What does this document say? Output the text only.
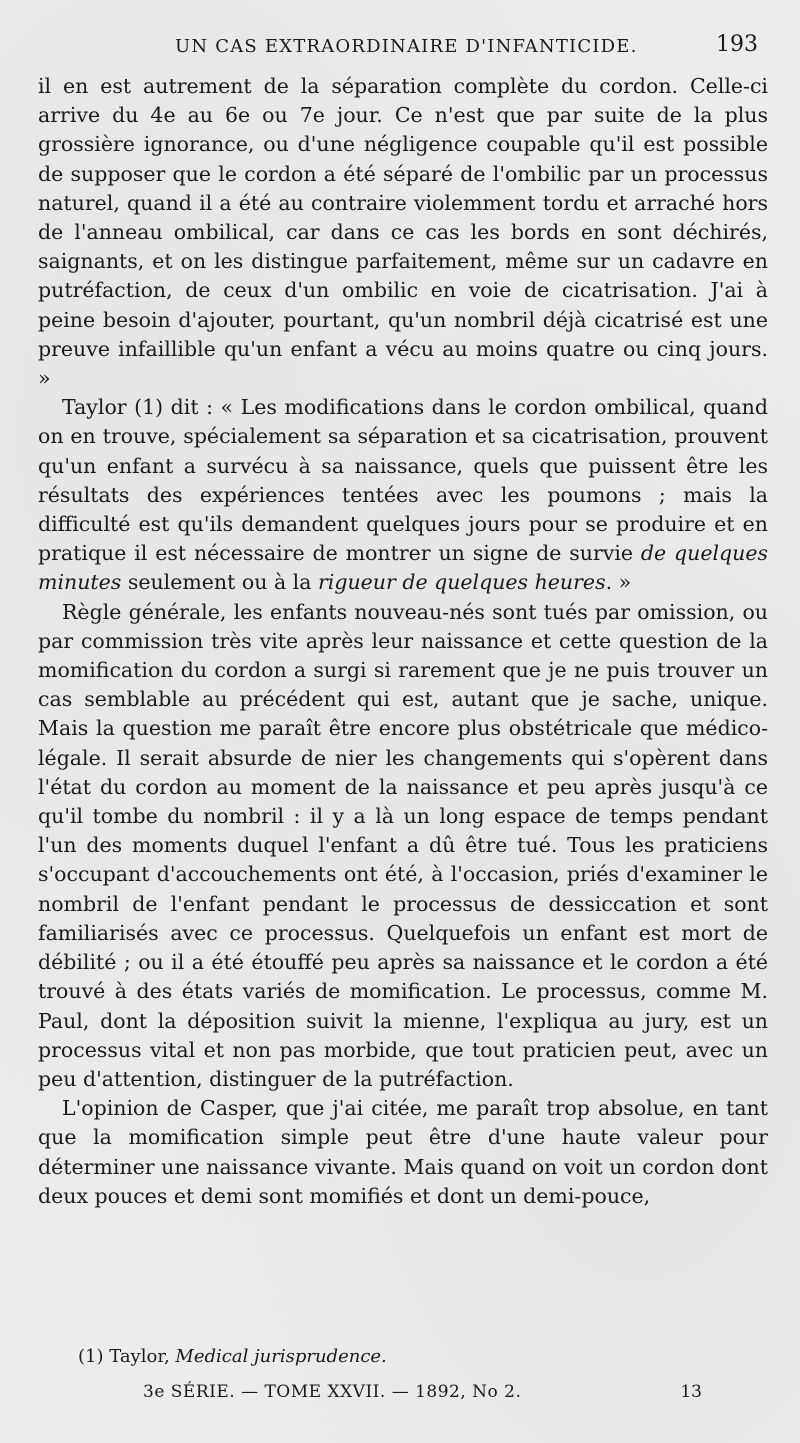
UN CAS EXTRAORDINAIRE D'INFANTICIDE.	193

il en est autrement de la séparation complète du cordon. Celle-ci arrive du 4e au 6e ou 7e jour. Ce n'est que par suite de la plus grossière ignorance, ou d'une négligence coupable qu'il est possible de supposer que le cordon a été séparé de l'ombilic par un processus naturel, quand il a été au contraire violemment tordu et arraché hors de l'anneau ombilical, car dans ce cas les bords en sont déchirés, saignants, et on les distingue parfaitement, même sur un cadavre en putréfaction, de ceux d'un ombilic en voie de cicatrisation. J'ai à peine besoin d'ajouter, pourtant, qu'un nombril déjà cicatrisé est une preuve infaillible qu'un enfant a vécu au moins quatre ou cinq jours. »

Taylor (1) dit : « Les modifications dans le cordon ombilical, quand on en trouve, spécialement sa séparation et sa cicatrisation, prouvent qu'un enfant a survécu à sa naissance, quels que puissent être les résultats des expériences tentées avec les poumons ; mais la difficulté est qu'ils demandent quelques jours pour se produire et en pratique il est nécessaire de montrer un signe de survie de quelques minutes seulement ou à la rigueur de quelques heures. »

Règle générale, les enfants nouveau-nés sont tués par omission, ou par commission très vite après leur naissance et cette question de la momification du cordon a surgi si rarement que je ne puis trouver un cas semblable au précédent qui est, autant que je sache, unique. Mais la question me paraît être encore plus obstétricale que médico-légale. Il serait absurde de nier les changements qui s'opèrent dans l'état du cordon au moment de la naissance et peu après jusqu'à ce qu'il tombe du nombril : il y a là un long espace de temps pendant l'un des moments duquel l'enfant a dû être tué. Tous les praticiens s'occupant d'accouchements ont été, à l'occasion, priés d'examiner le nombril de l'enfant pendant le processus de dessiccation et sont familiarisés avec ce processus. Quelquefois un enfant est mort de débilité ; ou il a été étouffé peu après sa naissance et le cordon a été trouvé à des états variés de momification. Le processus, comme M. Paul, dont la déposition suivit la mienne, l'expliqua au jury, est un processus vital et non pas morbide, que tout praticien peut, avec un peu d'attention, distinguer de la putréfaction.

L'opinion de Casper, que j'ai citée, me paraît trop absolue, en tant que la momification simple peut être d'une haute valeur pour déterminer une naissance vivante. Mais quand on voit un cordon dont deux pouces et demi sont momifiés et dont un demi-pouce,

(1) Taylor, Medical jurisprudence.
3e SÉRIE. — TOME XXVII. — 1892, No 2.	13
